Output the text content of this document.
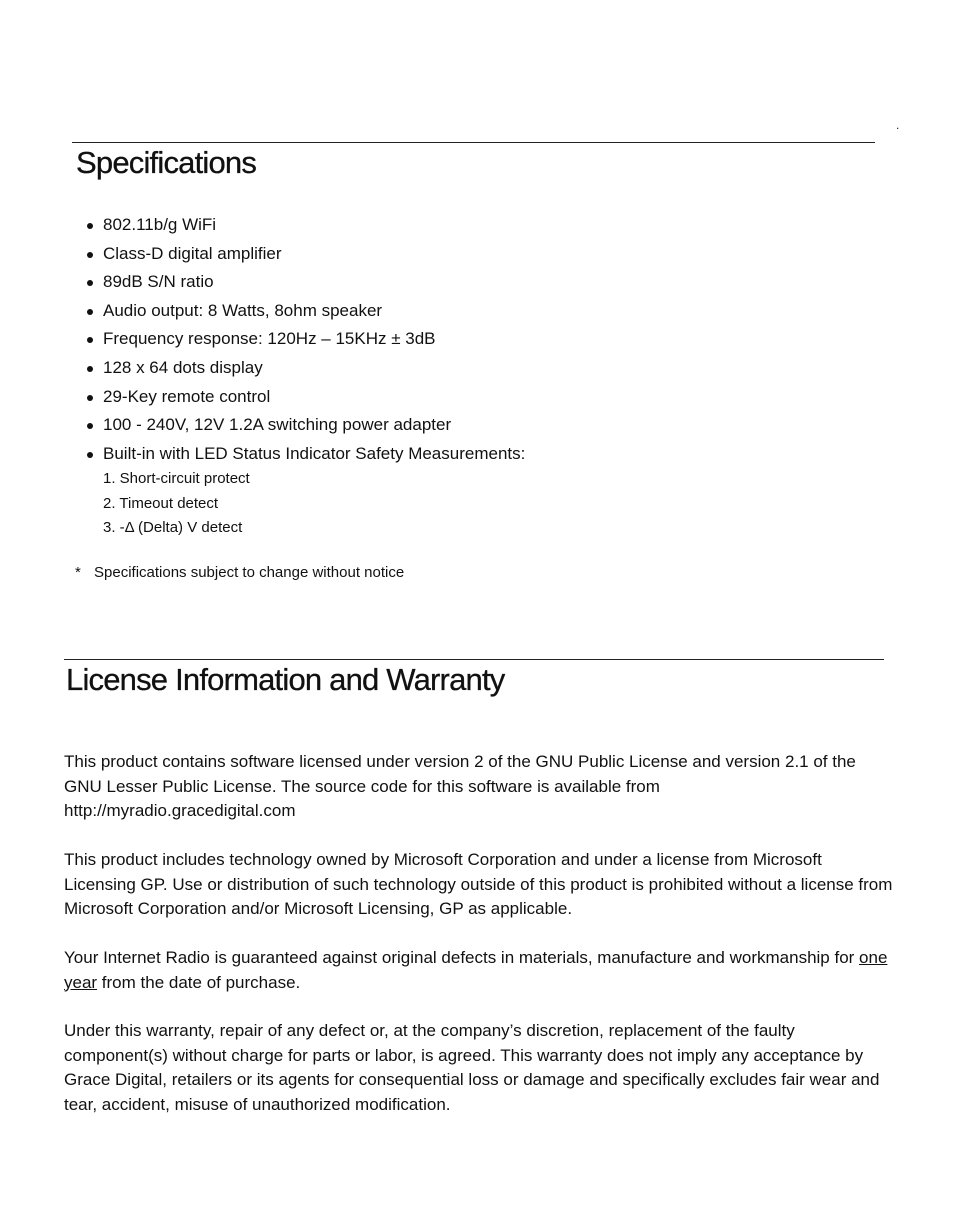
.
Specifications
802.11b/g WiFi
Class-D digital amplifier
89dB S/N ratio
Audio output: 8 Watts, 8ohm speaker
Frequency response: 120Hz – 15KHz ± 3dB
128 x 64 dots display
29-Key remote control
100 - 240V, 12V 1.2A switching power adapter
Built-in with LED Status Indicator Safety Measurements:
1. Short-circuit protect
2. Timeout detect
3. -Δ (Delta) V detect
* Specifications subject to change without notice
License Information and Warranty

This product contains software licensed under version 2 of the GNU Public License and version 2.1 of the GNU Lesser Public License. The source code for this software is available from http://myradio.gracedigital.com

This product includes technology owned by Microsoft Corporation and under a license from Microsoft Licensing GP. Use or distribution of such technology outside of this product is prohibited without a license from Microsoft Corporation and/or Microsoft Licensing, GP as applicable.

Your Internet Radio is guaranteed against original defects in materials, manufacture and workmanship for one year from the date of purchase.

Under this warranty, repair of any defect or, at the company’s discretion, replacement of the faulty component(s) without charge for parts or labor, is agreed. This warranty does not imply any acceptance by Grace Digital, retailers or its agents for consequential loss or damage and specifically excludes fair wear and tear, accident, misuse of unauthorized modification.
